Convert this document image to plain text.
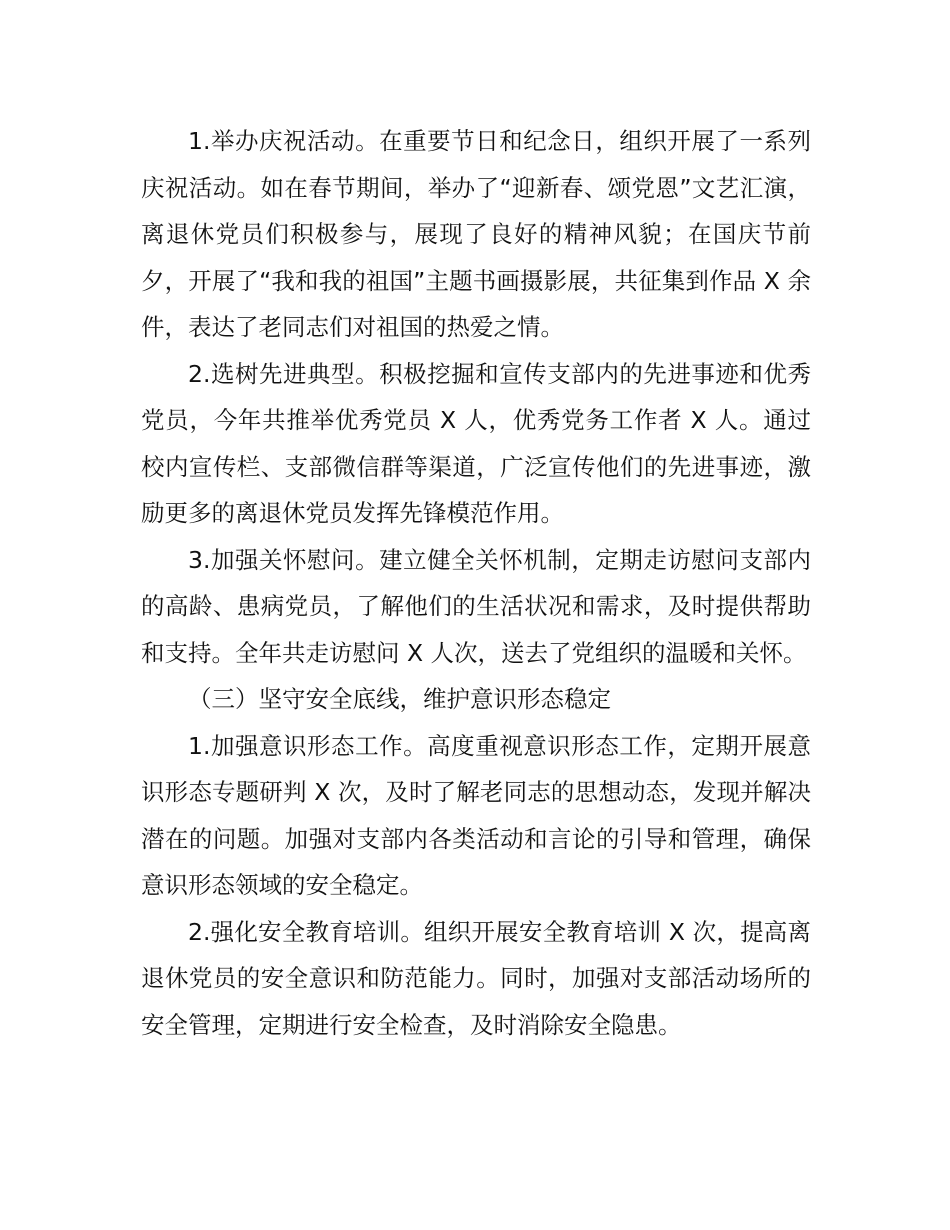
1.举办庆祝活动。在重要节日和纪念日，组织开展了一系列庆祝活动。如在春节期间，举办了“迎新春、颂党恩”文艺汇演，离退休党员们积极参与，展现了良好的精神风貌；在国庆节前夕，开展了“我和我的祖国”主题书画摄影展，共征集到作品 X 余件，表达了老同志们对祖国的热爱之情。

2.选树先进典型。积极挖掘和宣传支部内的先进事迹和优秀党员，今年共推举优秀党员 X 人，优秀党务工作者 X 人。通过校内宣传栏、支部微信群等渠道，广泛宣传他们的先进事迹，激励更多的离退休党员发挥先锋模范作用。

3.加强关怀慰问。建立健全关怀机制，定期走访慰问支部内的高龄、患病党员，了解他们的生活状况和需求，及时提供帮助和支持。全年共走访慰问 X 人次，送去了党组织的温暖和关怀。

（三）坚守安全底线，维护意识形态稳定

1.加强意识形态工作。高度重视意识形态工作，定期开展意识形态专题研判 X 次，及时了解老同志的思想动态，发现并解决潜在的问题。加强对支部内各类活动和言论的引导和管理，确保意识形态领域的安全稳定。

2.强化安全教育培训。组织开展安全教育培训 X 次，提高离退休党员的安全意识和防范能力。同时，加强对支部活动场所的安全管理，定期进行安全检查，及时消除安全隐患。
